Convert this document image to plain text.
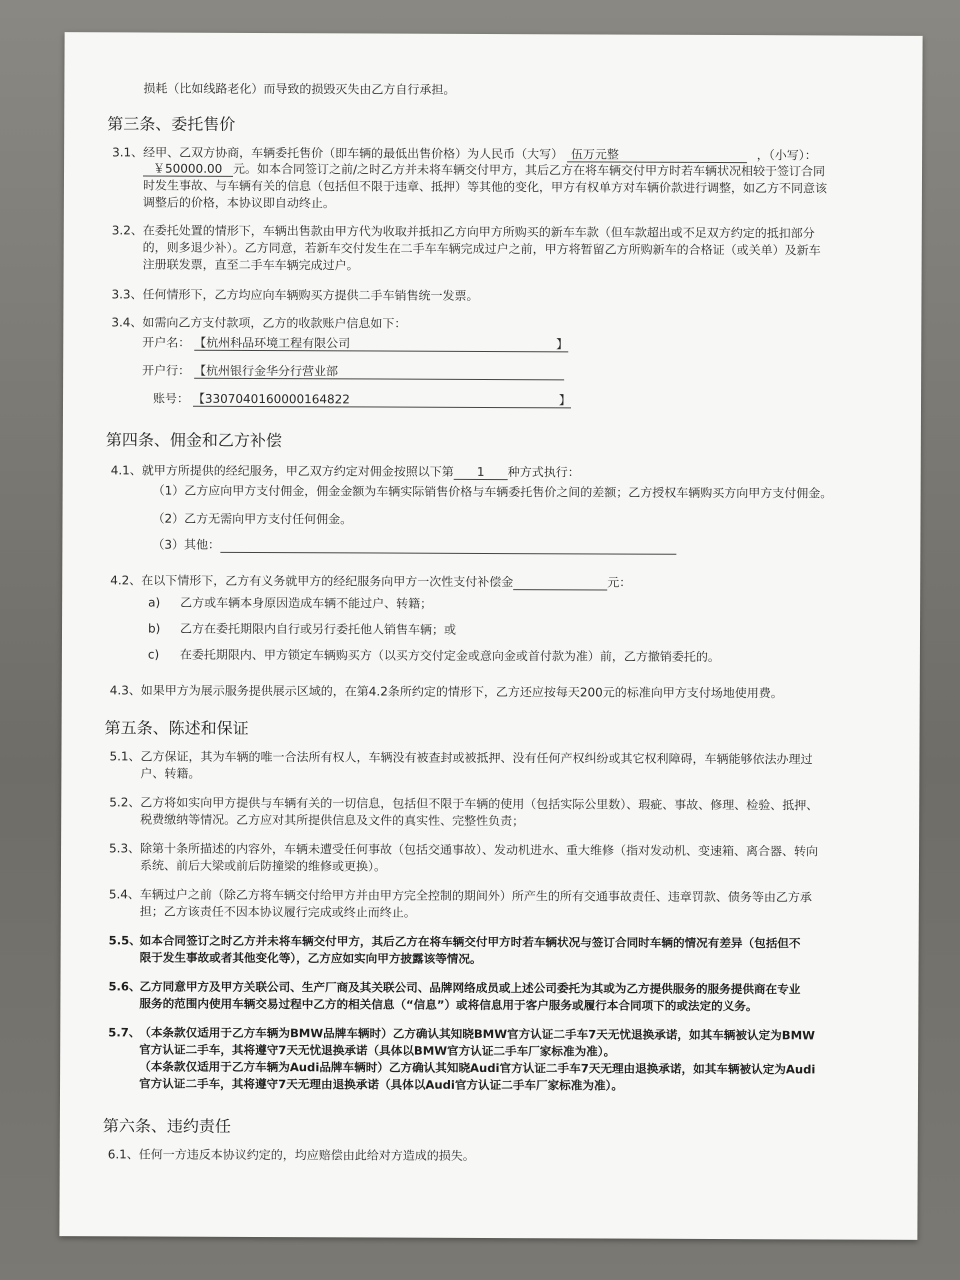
损耗（比如线路老化）而导致的损毁灭失由乙方自行承担。
第三条、委托售价
3.1、 经甲、乙双方协商，车辆委托售价（即车辆的最低出售价格）为人民币（大写） 伍万元整	，（小写）：
￥50000.00 元。如本合同签订之前/之时乙方并未将车辆交付甲方，其后乙方在将车辆交付甲方时若车辆状况相较于签订合同
时发生事故、与车辆有关的信息（包括但不限于违章、抵押）等其他的变化，甲方有权单方对车辆价款进行调整，如乙方不同意该
调整后的价格，本协议即自动终止。
3.2、 在委托处置的情形下，车辆出售款由甲方代为收取并抵扣乙方向甲方所购买的新车车款（但车款超出或不足双方约定的抵扣部分
的，则多退少补）。乙方同意，若新车交付发生在二手车车辆完成过户之前，甲方将暂留乙方所购新车的合格证（或关单）及新车
注册联发票，直至二手车车辆完成过户。
3.3、 任何情形下，乙方均应向车辆购买方提供二手车销售统一发票。
3.4、 如需向乙方支付款项，乙方的收款账户信息如下：
开户名： 【杭州科品环境工程有限公司	】
开户行： 【杭州银行金华分行营业部
账号： 【3307040160000164822	】
第四条、佣金和乙方补偿
4.1、 就甲方所提供的经纪服务，甲乙双方约定对佣金按照以下第 1 种方式执行：
（1）乙方应向甲方支付佣金，佣金金额为车辆实际销售价格与车辆委托售价之间的差额；乙方授权车辆购买方向甲方支付佣金。
（2）乙方无需向甲方支付任何佣金。
（3）其他：
4.2、 在以下情形下，乙方有义务就甲方的经纪服务向甲方一次性支付补偿金	元：
a) 乙方或车辆本身原因造成车辆不能过户、转籍；
b) 乙方在委托期限内自行或另行委托他人销售车辆；或
c) 在委托期限内、甲方锁定车辆购买方（以买方交付定金或意向金或首付款为准）前，乙方撤销委托的。
4.3、 如果甲方为展示服务提供展示区域的，在第4.2条所约定的情形下，乙方还应按每天200元的标准向甲方支付场地使用费。
第五条、陈述和保证
5.1、 乙方保证，其为车辆的唯一合法所有权人，车辆没有被查封或被抵押、没有任何产权纠纷或其它权利障碍，车辆能够依法办理过
户、转籍。
5.2、 乙方将如实向甲方提供与车辆有关的一切信息，包括但不限于车辆的使用（包括实际公里数）、瑕疵、事故、修理、检验、抵押、
税费缴纳等情况。乙方应对其所提供信息及文件的真实性、完整性负责；
5.3、 除第十条所描述的内容外，车辆未遭受任何事故（包括交通事故）、发动机进水、重大维修（指对发动机、变速箱、离合器、转向
系统、前后大梁或前后防撞梁的维修或更换）。
5.4、 车辆过户之前（除乙方将车辆交付给甲方并由甲方完全控制的期间外）所产生的所有交通事故责任、违章罚款、债务等由乙方承
担；乙方该责任不因本协议履行完成或终止而终止。
5.5、
如本合同签订之时乙方并未将车辆交付甲方，其后乙方在将车辆交付甲方时若车辆状况与签订合同时车辆的情况有差异（包括但不
限于发生事故或者其他变化等），乙方应如实向甲方披露该等情况。
5.6、
乙方同意甲方及甲方关联公司、生产厂商及其关联公司、品牌网络成员或上述公司委托为其或为乙方提供服务的服务提供商在专业
服务的范围内使用车辆交易过程中乙方的相关信息（“信息”）或将信息用于客户服务或履行本合同项下的或法定的义务。
5.7、
（本条款仅适用于乙方车辆为BMW品牌车辆时）乙方确认其知晓BMW官方认证二手车7天无忧退换承诺，如其车辆被认定为BMW
官方认证二手车，其将遵守7天无忧退换承诺（具体以BMW官方认证二手车厂家标准为准）。
（本条款仅适用于乙方车辆为Audi品牌车辆时）乙方确认其知晓Audi官方认证二手车7天无理由退换承诺，如其车辆被认定为Audi
官方认证二手车，其将遵守7天无理由退换承诺（具体以Audi官方认证二手车厂家标准为准）。
第六条、违约责任
6.1、 任何一方违反本协议约定的，均应赔偿由此给对方造成的损失。
